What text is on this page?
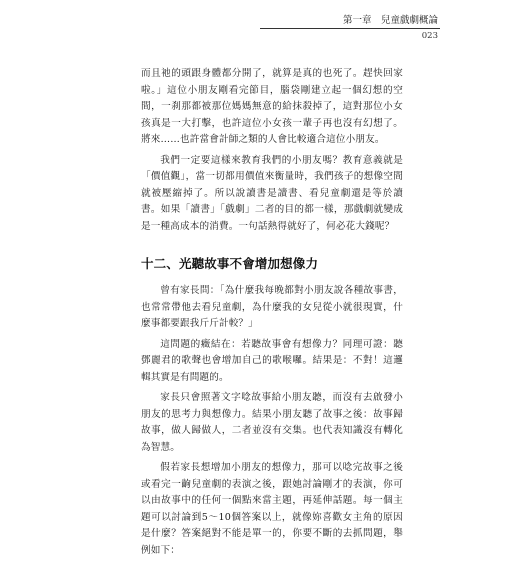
第一章　兒童戲劇概論
023

而且祂的頭跟身體都分開了，就算是真的也死了。趕快回家啦。」這位小朋友剛看完節目，腦袋剛建立起一個幻想的空間，一刹那都被那位媽媽無意的給抹殺掉了，這對那位小女孩真是一大打擊，也許這位小女孩一輩子再也沒有幻想了。將來……也許當會計師之類的人會比較適合這位小朋友。

我們一定要這樣來教育我們的小朋友嗎？教育意義就是「價值觀」，當一切都用價值來衡量時，我們孩子的想像空間就被壓縮掉了。所以說讀書是讀書、看兒童劇還是等於讀書。如果「讀書」「戲劇」二者的目的都一樣，那戲劇就變成是一種高成本的消費。一句話熱得就好了，何必花大錢呢？

十二、光聽故事不會增加想像力

曾有家長問：「為什麼我每晚都對小朋友說各種故事書，也常常帶他去看兒童劇，為什麼我的女兒從小就很現實，什麼事都要跟我斤斤計較？」

這問題的癥結在：若聽故事會有想像力？同理可證：聽鄧麗君的歌聲也會增加自己的歌喉囉。結果是：不對！這邏輯其實是有問題的。

家長只會照著文字唸故事給小朋友聽，而沒有去啟發小朋友的思考力與想像力。結果小朋友聽了故事之後：故事歸故事，做人歸做人，二者並沒有交集。也代表知識沒有轉化為智慧。

假若家長想增加小朋友的想像力，那可以唸完故事之後或看完一齣兒童劇的表演之後，跟她討論剛才的表演，你可以由故事中的任何一個點來當主題，再延伸話題。每一個主題可以討論到5～10個答案以上，就像妳喜歡女主角的原因是什麼？答案絕對不能是單一的，你要不斷的去抓問題，舉例如下：
